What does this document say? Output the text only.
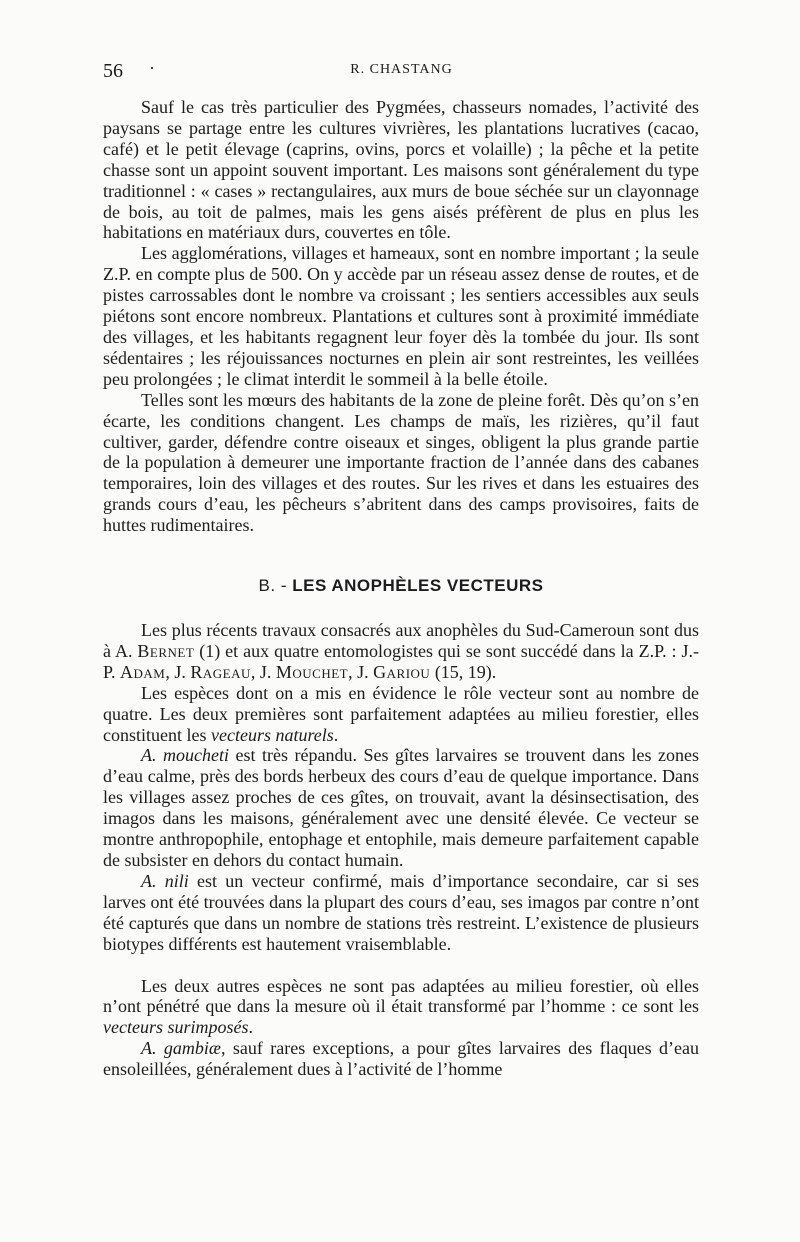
56 ·	R. CHASTANG

Sauf le cas très particulier des Pygmées, chasseurs nomades, l’activité des paysans se partage entre les cultures vivrières, les plantations lucratives (cacao, café) et le petit élevage (caprins, ovins, porcs et volaille) ; la pêche et la petite chasse sont un appoint souvent important. Les maisons sont généralement du type traditionnel : « cases » rectangulaires, aux murs de boue séchée sur un clayonnage de bois, au toit de palmes, mais les gens aisés préfèrent de plus en plus les habitations en matériaux durs, couvertes en tôle.

Les agglomérations, villages et hameaux, sont en nombre important ; la seule Z.P. en compte plus de 500. On y accède par un réseau assez dense de routes, et de pistes carrossables dont le nombre va croissant ; les sentiers accessibles aux seuls piétons sont encore nombreux. Plantations et cultures sont à proximité immédiate des villages, et les habitants regagnent leur foyer dès la tombée du jour. Ils sont sédentaires ; les réjouissances nocturnes en plein air sont restreintes, les veillées peu prolongées ; le climat interdit le sommeil à la belle étoile.

Telles sont les mœurs des habitants de la zone de pleine forêt. Dès qu’on s’en écarte, les conditions changent. Les champs de maïs, les rizières, qu’il faut cultiver, garder, défendre contre oiseaux et singes, obligent la plus grande partie de la population à demeurer une importante fraction de l’année dans des cabanes temporaires, loin des villages et des routes. Sur les rives et dans les estuaires des grands cours d’eau, les pêcheurs s’abritent dans des camps provisoires, faits de huttes rudimentaires.

B. - LES ANOPHÈLES VECTEURS

Les plus récents travaux consacrés aux anophèles du Sud-Cameroun sont dus à A. Bernet (1) et aux quatre entomologistes qui se sont succédé dans la Z.P. : J.-P. Adam, J. Rageau, J. Mouchet, J. Gariou (15, 19).

Les espèces dont on a mis en évidence le rôle vecteur sont au nombre de quatre. Les deux premières sont parfaitement adaptées au milieu forestier, elles constituent les vecteurs naturels.

A. moucheti est très répandu. Ses gîtes larvaires se trouvent dans les zones d’eau calme, près des bords herbeux des cours d’eau de quelque importance. Dans les villages assez proches de ces gîtes, on trouvait, avant la désinsectisation, des imagos dans les maisons, généralement avec une densité élevée. Ce vecteur se montre anthropophile, entophage et entophile, mais demeure parfaitement capable de subsister en dehors du contact humain.

A. nili est un vecteur confirmé, mais d’importance secondaire, car si ses larves ont été trouvées dans la plupart des cours d’eau, ses imagos par contre n’ont été capturés que dans un nombre de stations très restreint. L’existence de plusieurs biotypes différents est hautement vraisemblable.

Les deux autres espèces ne sont pas adaptées au milieu forestier, où elles n’ont pénétré que dans la mesure où il était transformé par l’homme : ce sont les vecteurs surimposés.

A. gambiæ, sauf rares exceptions, a pour gîtes larvaires des flaques d’eau ensoleillées, généralement dues à l’activité de l’homme
